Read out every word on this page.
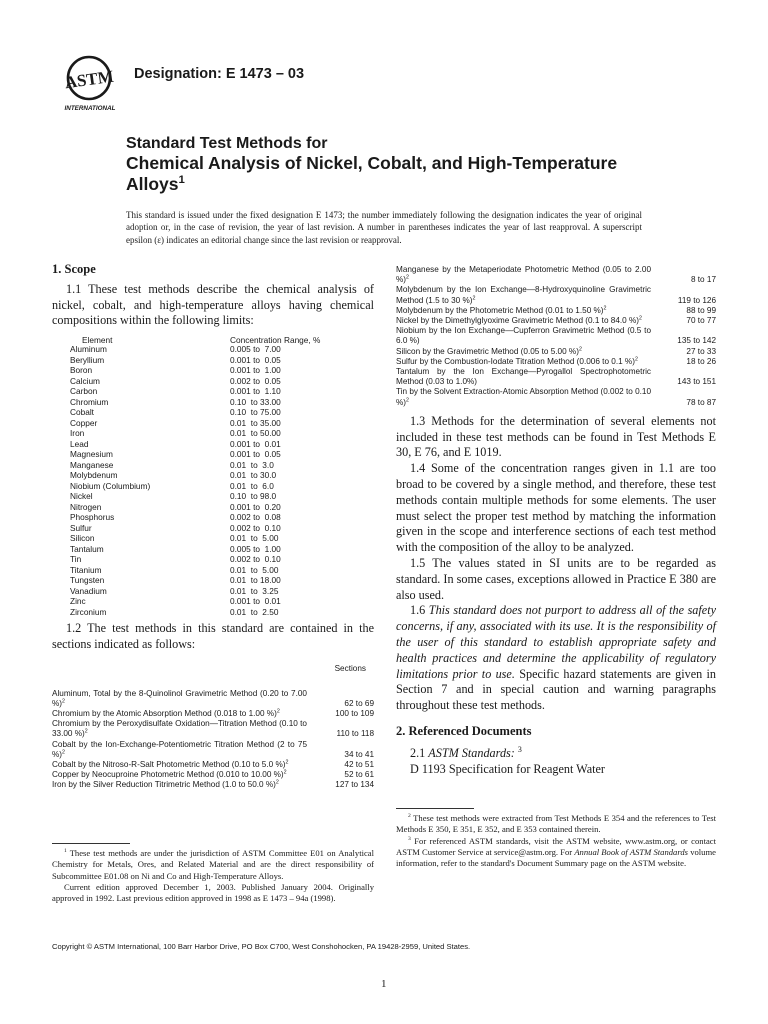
ASTM
INTERNATIONAL
Designation: E 1473 – 03
Standard Test Methods for
Chemical Analysis of Nickel, Cobalt, and High-Temperature
Alloys$^1$
This standard is issued under the fixed designation E 1473; the number immediately following the designation indicates the year of original adoption or, in the case of revision, the year of last revision. A number in parentheses indicates the year of last reapproval. A superscript epsilon (ε) indicates an editorial change since the last revision or reapproval.
1. Scope

1.1 These test methods describe the chemical analysis of nickel, cobalt, and high-temperature alloys having chemical compositions within the following limits:

Element	Concentration Range, %
Aluminum	0.005 to  7.00
Beryllium	0.001 to  0.05
Boron	0.001 to  1.00
Calcium	0.002 to  0.05
Carbon	0.001 to  1.10
Chromium	0.10  to 33.00
Cobalt	0.10  to 75.00
Copper	0.01  to 35.00
Iron	0.01  to 50.00
Lead	0.001 to  0.01
Magnesium	0.001 to  0.05
Manganese	0.01  to  3.0
Molybdenum	0.01  to 30.0
Niobium (Columbium)	0.01  to  6.0
Nickel	0.10  to 98.0
Nitrogen	0.001 to  0.20
Phosphorus	0.002 to  0.08
Sulfur	0.002 to  0.10
Silicon	0.01  to  5.00
Tantalum	0.005 to  1.00
Tin	0.002 to  0.10
Titanium	0.01  to  5.00
Tungsten	0.01  to 18.00
Vanadium	0.01  to  3.25
Zinc	0.001 to  0.01
Zirconium	0.01  to  2.50

1.2 The test methods in this standard are contained in the sections indicated as follows:

Sections
Aluminum, Total by the 8-Quinolinol Gravimetric Method (0.20 to 7.00 %)$^2$	62 to 69
Chromium by the Atomic Absorption Method (0.018 to 1.00 %)$^2$	100 to 109
Chromium by the Peroxydisulfate Oxidation—Titration Method (0.10 to 33.00 %)$^2$	110 to 118
Cobalt by the Ion-Exchange-Potentiometric Titration Method (2 to 75 %)$^2$	34 to 41
Cobalt by the Nitroso-R-Salt Photometric Method (0.10 to 5.0 %)$^2$	42 to 51
Copper by Neocuproine Photometric Method (0.010 to 10.00 %)$^2$	52 to 61
Iron by the Silver Reduction Titrimetric Method (1.0 to 50.0 %)$^2$	127 to 134
Manganese by the Metaperiodate Photometric Method (0.05 to 2.00 %)$^2$	8 to 17
Molybdenum by the Ion Exchange—8-Hydroxyquinoline Gravimetric Method (1.5 to 30 %)$^2$	119 to 126
Molybdenum by the Photometric Method (0.01 to 1.50 %)$^2$	88 to 99
Nickel by the Dimethylglyoxime Gravimetric Method (0.1 to 84.0 %)$^2$	70 to 77
Niobium by the Ion Exchange—Cupferron Gravimetric Method (0.5 to 6.0 %)	135 to 142
Silicon by the Gravimetric Method (0.05 to 5.00 %)$^2$	27 to 33
Sulfur by the Combustion-Iodate Titration Method (0.006 to 0.1 %)$^2$	18 to 26
Tantalum by the Ion Exchange—Pyrogallol Spectrophotometric Method (0.03 to 1.0%)	143 to 151
Tin by the Solvent Extraction-Atomic Absorption Method (0.002 to 0.10 %)$^2$	78 to 87

1.3 Methods for the determination of several elements not included in these test methods can be found in Test Methods E 30, E 76, and E 1019.

1.4 Some of the concentration ranges given in 1.1 are too broad to be covered by a single method, and therefore, these test methods contain multiple methods for some elements. The user must select the proper test method by matching the information given in the scope and interference sections of each test method with the composition of the alloy to be analyzed.

1.5 The values stated in SI units are to be regarded as standard. In some cases, exceptions allowed in Practice E 380 are also used.

1.6 This standard does not purport to address all of the safety concerns, if any, associated with its use. It is the responsibility of the user of this standard to establish appropriate safety and health practices and determine the applicability of regulatory limitations prior to use. Specific hazard statements are given in Section 7 and in special caution and warning paragraphs throughout these test methods.

2. Referenced Documents

2.1 ASTM Standards: $^3$

D 1193 Specification for Reagent Water

$^1$ These test methods are under the jurisdiction of ASTM Committee E01 on Analytical Chemistry for Metals, Ores, and Related Material and are the direct responsibility of Subcommittee E01.08 on Ni and Co and High-Temperature Alloys.

Current edition approved December 1, 2003. Published January 2004. Originally approved in 1992. Last previous edition approved in 1998 as E 1473 – 94a (1998).

$^2$ These test methods were extracted from Test Methods E 354 and the references to Test Methods E 350, E 351, E 352, and E 353 contained therein.

$^3$ For referenced ASTM standards, visit the ASTM website, www.astm.org, or contact ASTM Customer Service at service@astm.org. For Annual Book of ASTM Standards volume information, refer to the standard's Document Summary page on the ASTM website.

Copyright © ASTM International, 100 Barr Harbor Drive, PO Box C700, West Conshohocken, PA 19428-2959, United States.
1
